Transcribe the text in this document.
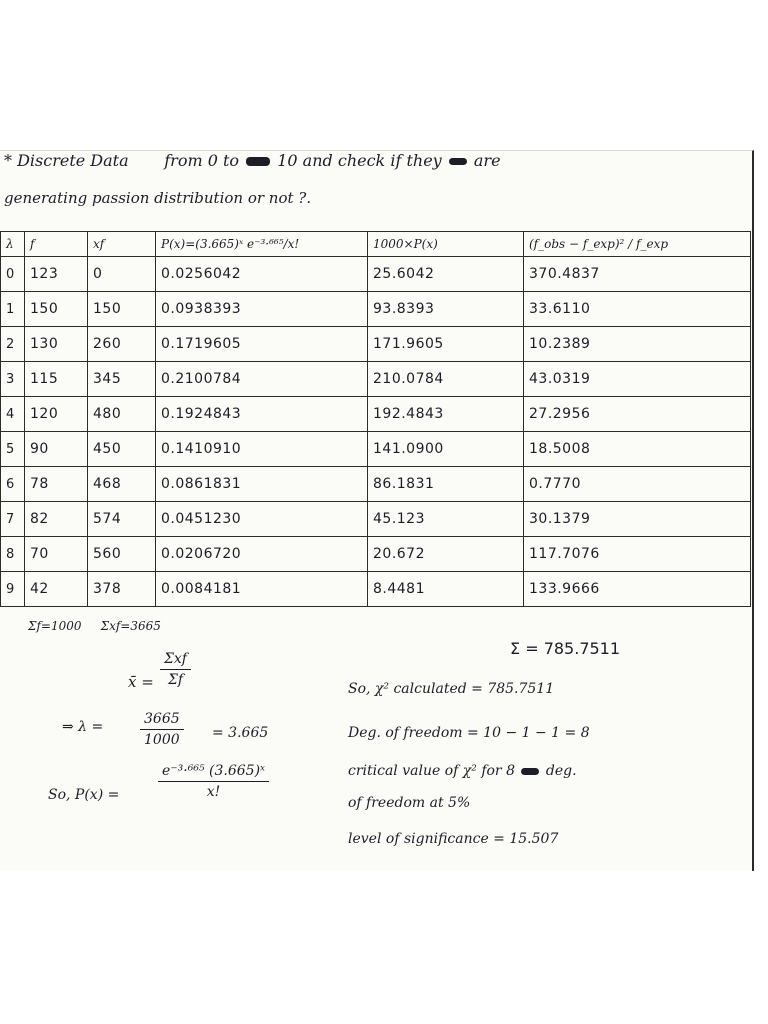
* Discrete Data from 0 to 10 and check if they are
generating passion distribution or not ?.
λ	f	xf	P(x)=(3.665)ˣ e⁻³·⁶⁶⁵/x!	1000×P(x)	(f_obs − f_exp)² / f_exp
0	123	0	0.0256042	25.6042	370.4837
1	150	150	0.0938393	93.8393	33.6110
2	130	260	0.1719605	171.9605	10.2389
3	115	345	0.2100784	210.0784	43.0319
4	120	480	0.1924843	192.4843	27.2956
5	90	450	0.1410910	141.0900	18.5008
6	78	468	0.0861831	86.1831	0.7770
7	82	574	0.0451230	45.123	30.1379
8	70	560	0.0206720	20.672	117.7076
9	42	378	0.0084181	8.4481	133.9666
Σf=1000 Σxf=3665
Σ = 785.7511
x̄ =
Σxf
Σf
⇒ λ =	$\frac{3665}{1000} = 3.665$
So, P(x) =	$\frac{\text{e⁻³·⁶⁶⁵ (3.665)ˣ}}{x!}$
So, χ² calculated = 785.7511
Deg. of freedom = 10 − 1 − 1 = 8
critical value of χ² for 8 deg.
of freedom at 5%
level of significance = 15.507
